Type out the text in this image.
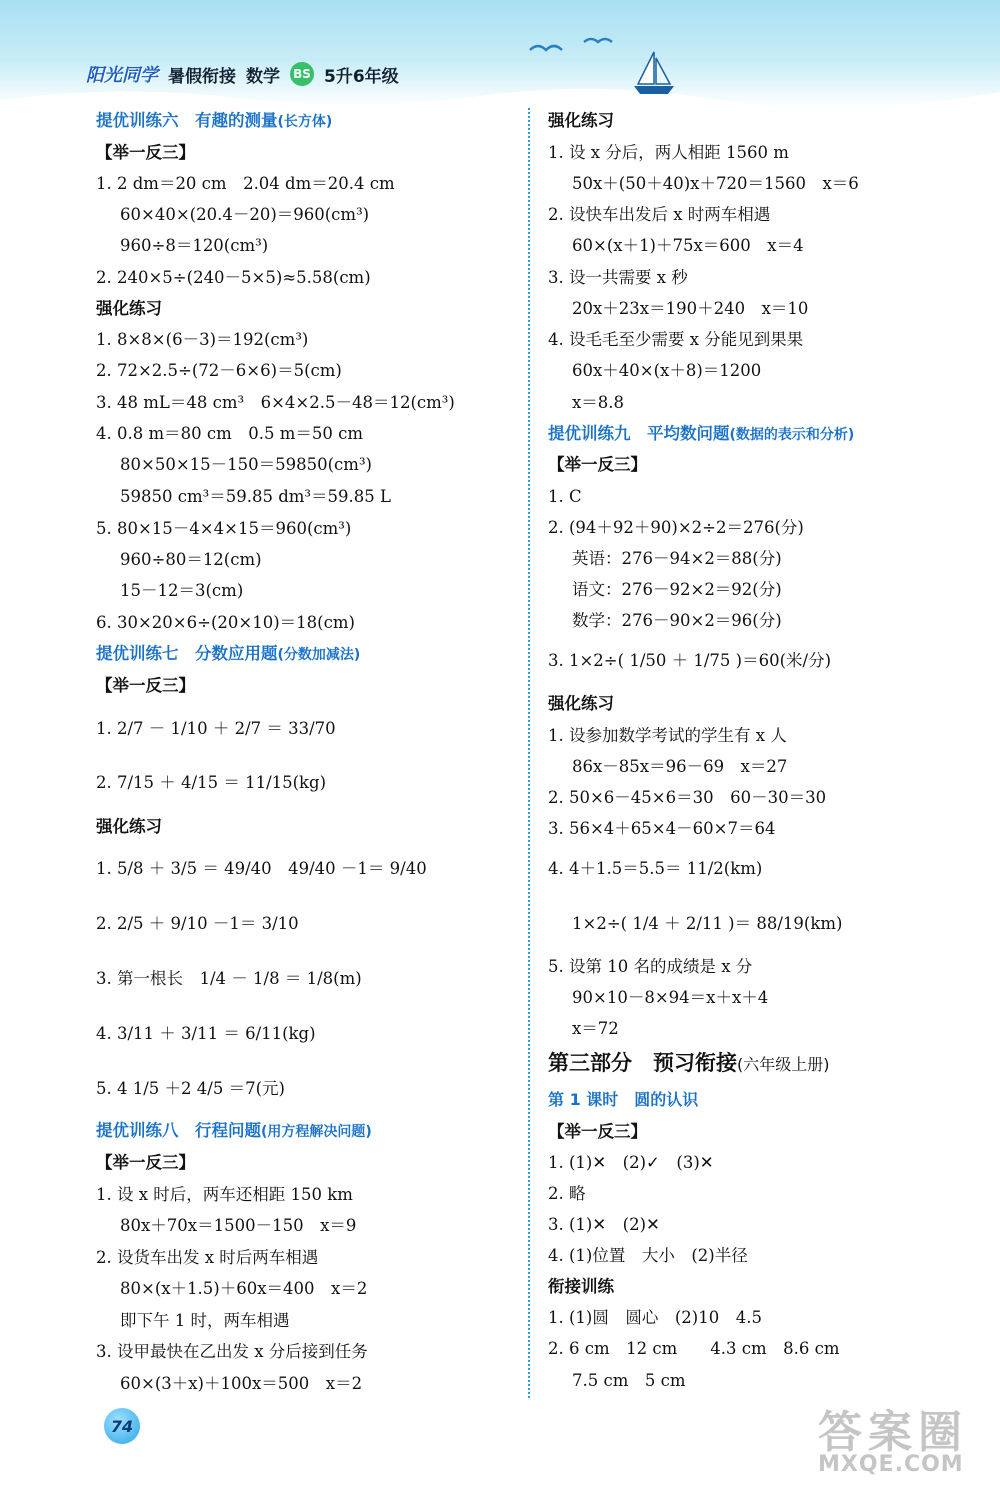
阳光同学 暑假衔接 数学 BS 5升6年级
提优训练六　有趣的测量(长方体)
【举一反三】
1. 2 dm＝20 cm　2.04 dm＝20.4 cm
60×40×(20.4－20)＝960(cm³)
960÷8＝120(cm³)
2. 240×5÷(240－5×5)≈5.58(cm)
强化练习
1. 8×8×(6－3)＝192(cm³)
2. 72×2.5÷(72－6×6)＝5(cm)
3. 48 mL＝48 cm³　6×4×2.5－48＝12(cm³)
4. 0.8 m＝80 cm　0.5 m＝50 cm
80×50×15－150＝59850(cm³)
59850 cm³＝59.85 dm³＝59.85 L
5. 80×15－4×4×15＝960(cm³)
960÷80＝12(cm)
15－12＝3(cm)
6. 30×20×6÷(20×10)＝18(cm)
提优训练七　分数应用题(分数加减法)
【举一反三】
1. 2/7 － 1/10 ＋ 2/7 ＝ 33/70
2. 7/15 ＋ 4/15 ＝ 11/15(kg)
强化练习
1. 5/8 ＋ 3/5 ＝ 49/40　49/40 －1＝ 9/40
2. 2/5 ＋ 9/10 －1＝ 3/10
3. 第一根长　1/4 － 1/8 ＝ 1/8(m)
4. 3/11 ＋ 3/11 ＝ 6/11(kg)
5. 4 1/5 ＋2 4/5 ＝7(元)
提优训练八　行程问题(用方程解决问题)
【举一反三】
1. 设 x 时后，两车还相距 150 km
80x＋70x＝1500－150　x＝9
2. 设货车出发 x 时后两车相遇
80×(x＋1.5)＋60x＝400　x＝2
即下午 1 时，两车相遇
3. 设甲最快在乙出发 x 分后接到任务
60×(3＋x)＋100x＝500　x＝2
强化练习
1. 设 x 分后，两人相距 1560 m
50x＋(50＋40)x＋720＝1560　x＝6
2. 设快车出发后 x 时两车相遇
60×(x＋1)＋75x＝600　x＝4
3. 设一共需要 x 秒
20x＋23x＝190＋240　x＝10
4. 设毛毛至少需要 x 分能见到果果
60x＋40×(x＋8)＝1200
x＝8.8
提优训练九　平均数问题(数据的表示和分析)
【举一反三】
1. C
2. (94＋92＋90)×2÷2＝276(分)
英语：276－94×2＝88(分)
语文：276－92×2＝92(分)
数学：276－90×2＝96(分)
3. 1×2÷( 1/50 ＋ 1/75 )＝60(米/分)
强化练习
1. 设参加数学考试的学生有 x 人
86x－85x＝96－69　x＝27
2. 50×6－45×6＝30　60－30＝30
3. 56×4＋65×4－60×7＝64
4. 4＋1.5＝5.5＝ 11/2(km)
1×2÷( 1/4 ＋ 2/11 )＝ 88/19(km)
5. 设第 10 名的成绩是 x 分
90×10－8×94＝x＋x＋4
x＝72
第三部分　预习衔接(六年级上册)
第 1 课时　圆的认识
【举一反三】
1. (1)✕　(2)✓　(3)✕
2. 略
3. (1)✕　(2)✕
4. (1)位置　大小　(2)半径
衔接训练
1. (1)圆　圆心　(2)10　4.5
2. 6 cm　12 cm　　4.3 cm　8.6 cm
7.5 cm　5 cm
74	答案圈
MXQE.COM
